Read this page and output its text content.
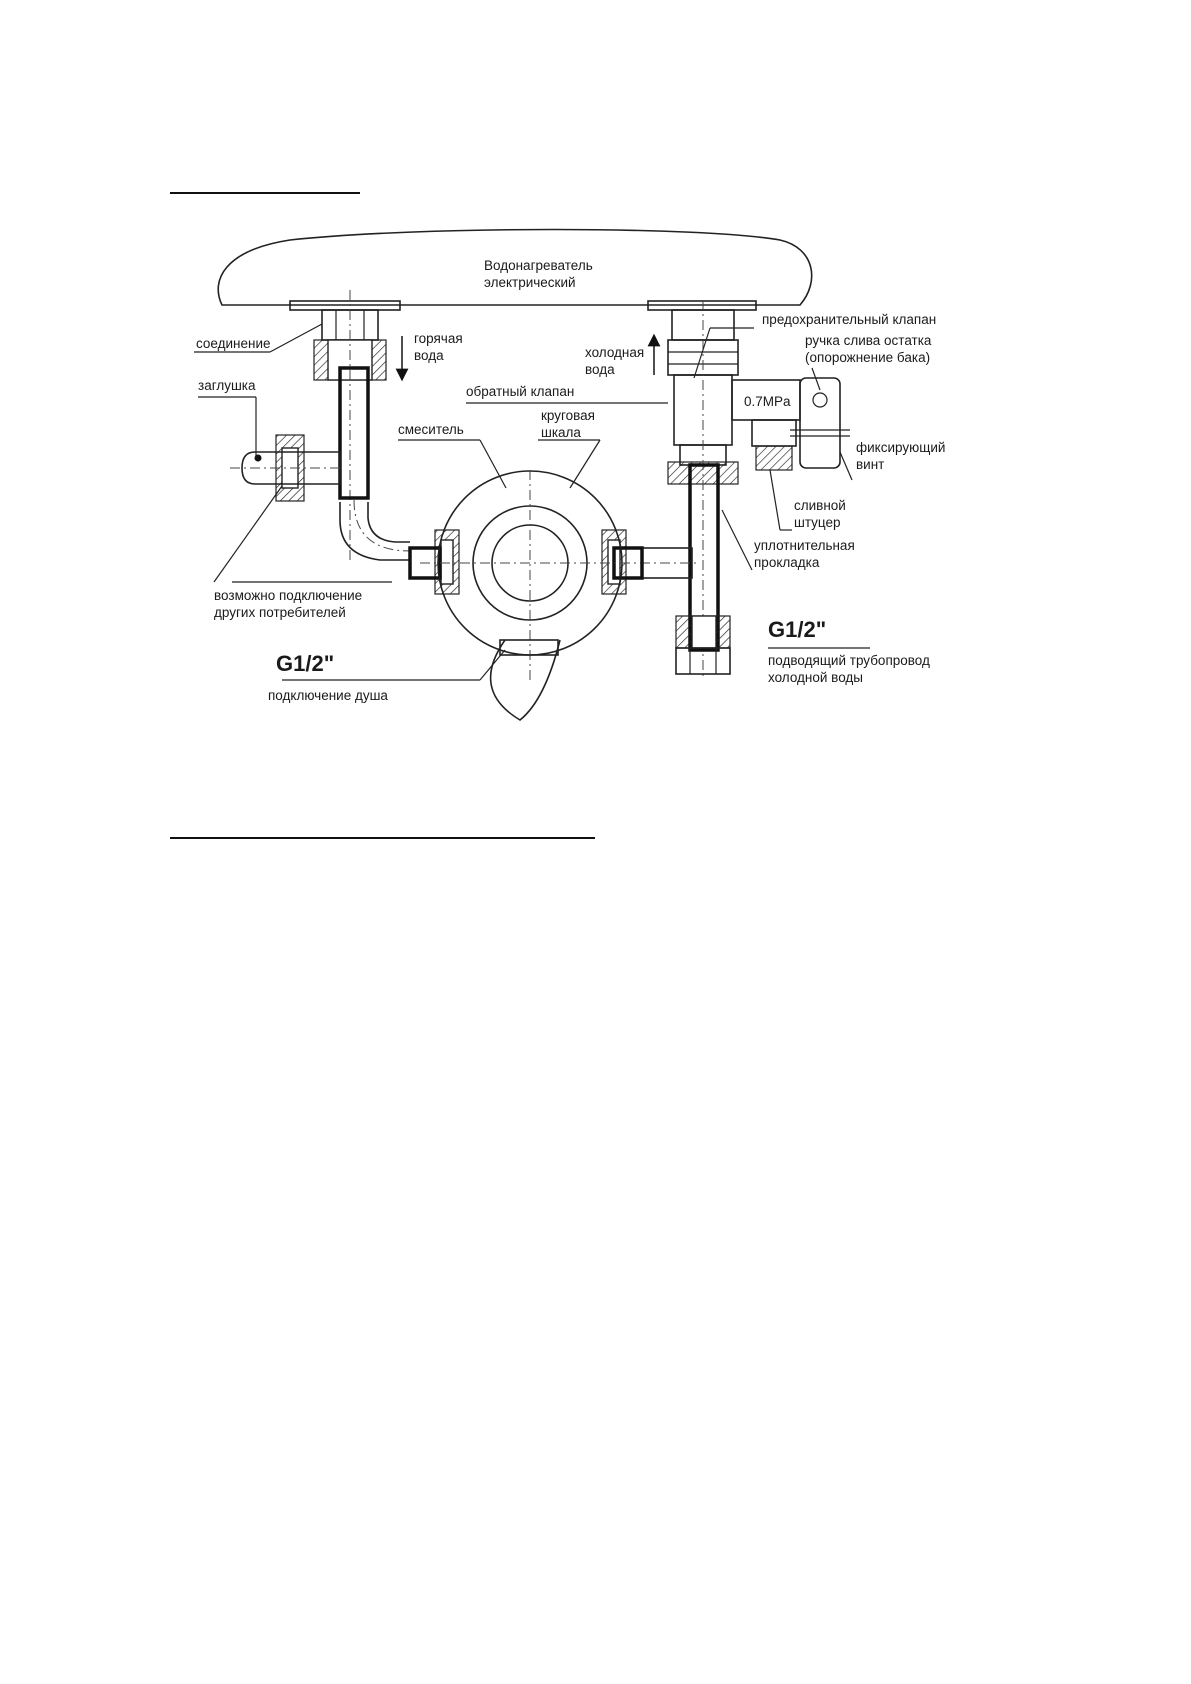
0.7MPa
Водонагреватель
электрический
соединение	горячая
вода
заглушка
холодная
вода
обратный клапан
предохранительный клапан
ручка слива остатка
(опорожнение бака)
фиксирующий
винт
смеситель
круговая
шкала
сливной
штуцер
уплотнительная
прокладка
возможно подключение
других потребителей
G1/2"
подключение душа
G1/2"
подводящий трубопровод
холодной воды
